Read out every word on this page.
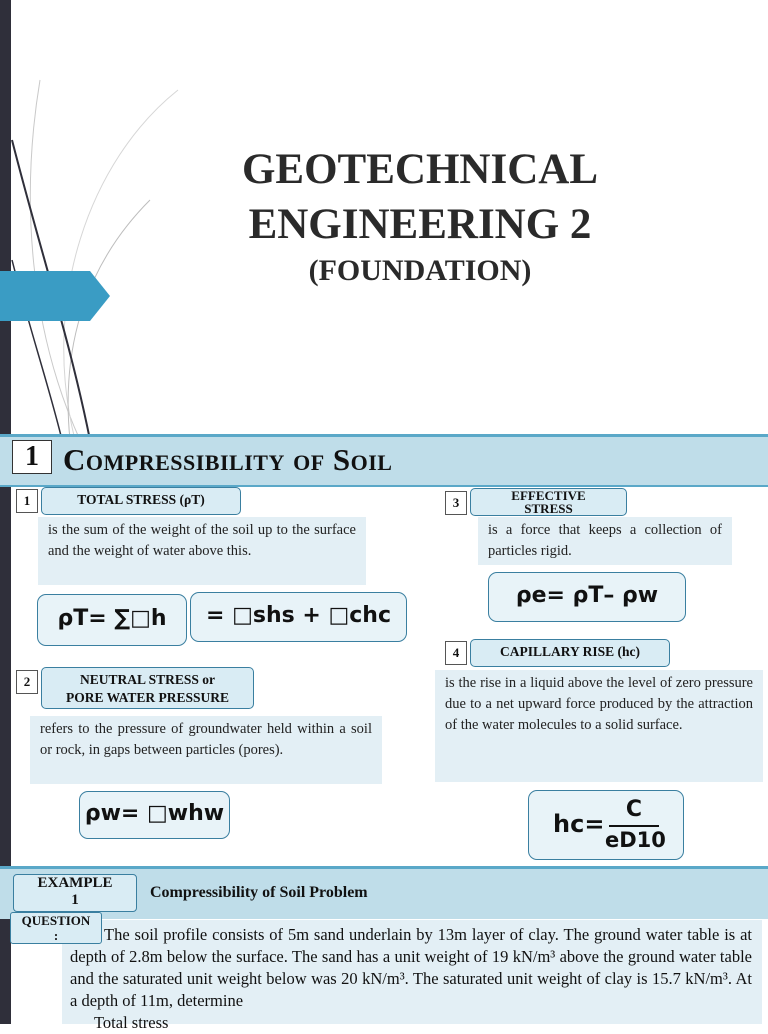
GEOTECHNICAL
ENGINEERING 2
(FOUNDATION)
1 Compressibility of Soil
1	TOTAL STRESS (ρT)
is the sum of the weight of the soil up to the surface and the weight of water above this.
ρT= ∑□h	= □shs + □chc
2	NEUTRAL STRESS or
PORE WATER PRESSURE
refers to the pressure of groundwater held within a soil or rock, in gaps between particles (pores).
ρw= □whw
3	EFFECTIVE
STRESS
is a force that keeps a collection of particles rigid.
ρe= ρT– ρw
4	CAPILLARY RISE (hc)
is the rise in a liquid above the level of zero pressure due to a net upward force produced by the attraction of the water molecules to a solid surface.
hc=
C
eD10
EXAMPLE
1	Compressibility of Soil Problem
QUESTION
:	The soil profile consists of 5m sand underlain by 13m layer of clay. The ground water table is at depth of 2.8m below the surface. The sand has a unit weight of 19 kN/m³ above the ground water table and the saturated unit weight below was 20 kN/m³. The saturated unit weight of clay is 15.7 kN/m³. At a depth of 11m, determine
Total stress
